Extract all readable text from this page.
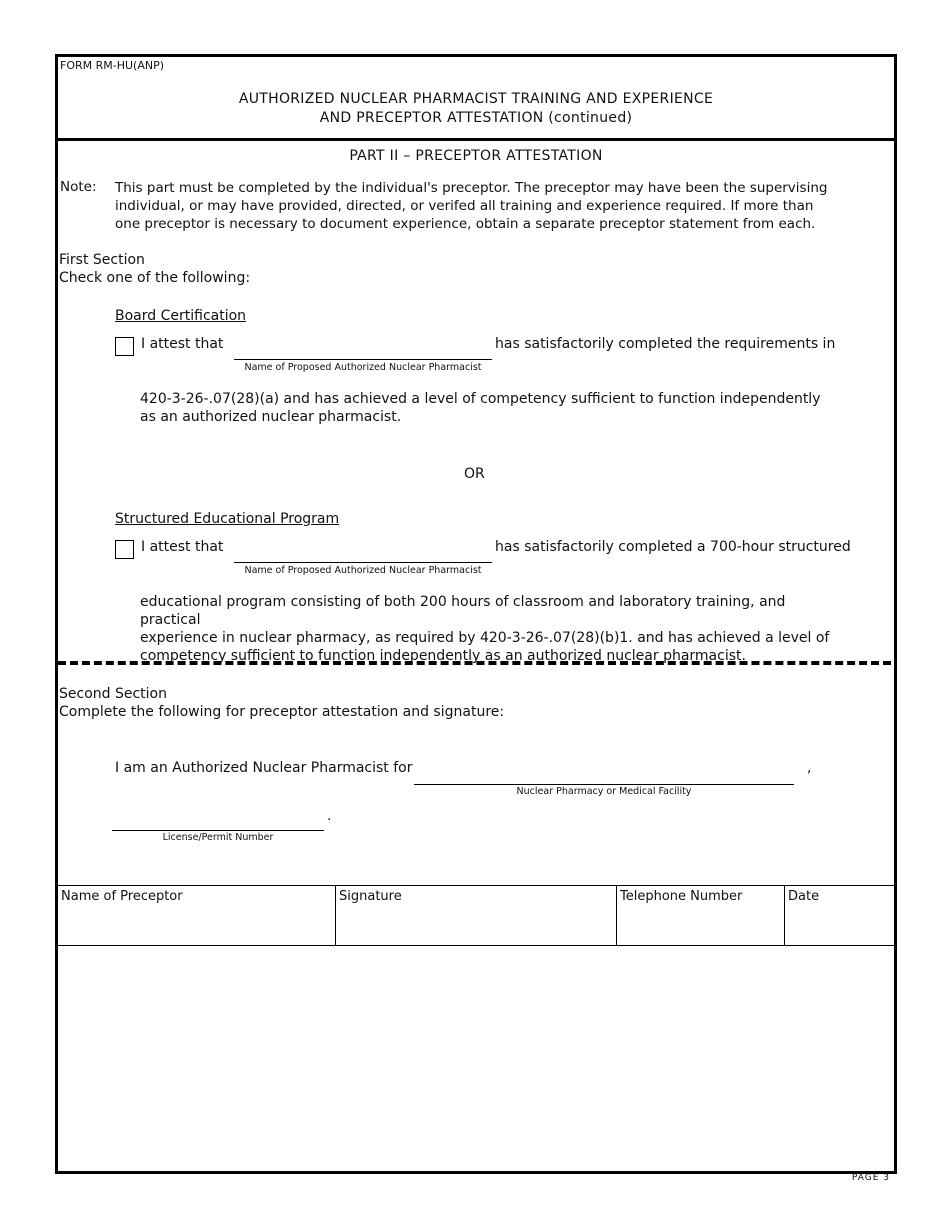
FORM RM-HU(ANP)
AUTHORIZED NUCLEAR PHARMACIST TRAINING AND EXPERIENCE
AND PRECEPTOR ATTESTATION (continued)
PART II – PRECEPTOR ATTESTATION
Note: This part must be completed by the individual's preceptor. The preceptor may have been the supervising
individual, or may have provided, directed, or verifed all training and experience required. If more than
one preceptor is necessary to document experience, obtain a separate preceptor statement from each.
First Section
Check one of the following:
Board Certification
I attest that
Name of Proposed Authorized Nuclear Pharmacist
has satisfactorily completed the requirements in
420-3-26-.07(28)(a) and has achieved a level of competency sufficient to function independently
as an authorized nuclear pharmacist.
OR
Structured Educational Program
I attest that
Name of Proposed Authorized Nuclear Pharmacist
has satisfactorily completed a 700-hour structured
educational program consisting of both 200 hours of classroom and laboratory training, and practical
experience in nuclear pharmacy, as required by 420-3-26-.07(28)(b)1. and has achieved a level of
competency sufficient to function independently as an authorized nuclear pharmacist.
Second Section
Complete the following for preceptor attestation and signature:
I am an Authorized Nuclear Pharmacist for	,
Nuclear Pharmacy or Medical Facility
.
License/Permit Number
Name of Preceptor	Signature	Telephone Number	Date
PAGE 3
